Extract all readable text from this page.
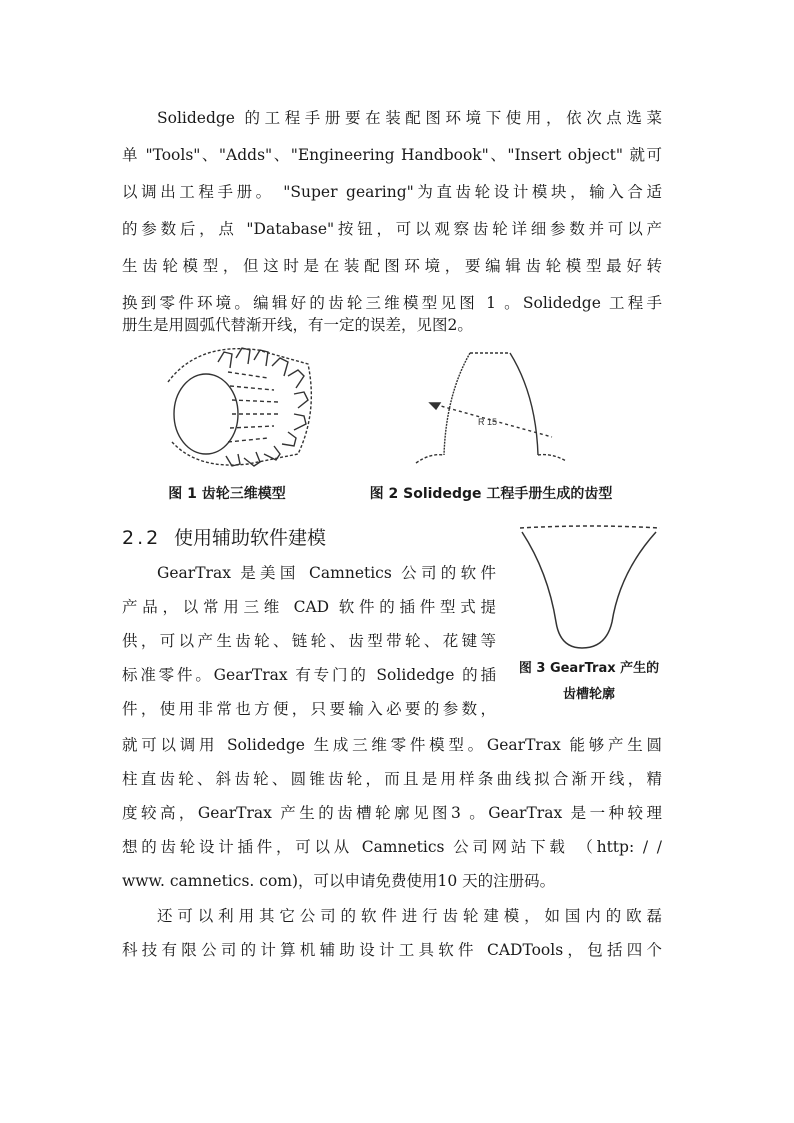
Solidedge 的工程手册要在装配图环境下使用，依次点选菜
单 "Tools"、"Adds"、"Engineering Handbook"、"Insert object" 就可
以调出工程手册。 "Super gearing"为直齿轮设计模块，输入合适
的参数后，点 "Database"按钮，可以观察齿轮详细参数并可以产
生齿轮模型，但这时是在装配图环境，要编辑齿轮模型最好转
换到零件环境。编辑好的齿轮三维模型见图 1 。Solidedge 工程手
册生是用圆弧代替渐开线，有一定的误差，见图2。
R 15
图 1 齿轮三维模型	图 2 Solidedge 工程手册生成的齿型
2.2 使用辅助软件建模
图 3 GearTrax 产生的
齿槽轮廓
GearTrax 是美国 Camnetics 公司的软件
产品，以常用三维 CAD 软件的插件型式提
供，可以产生齿轮、链轮、齿型带轮、花键等
标准零件。GearTrax 有专门的 Solidedge 的插
件，使用非常也方便，只要输入必要的参数，
就可以调用 Solidedge 生成三维零件模型。GearTrax 能够产生圆
柱直齿轮、斜齿轮、圆锥齿轮，而且是用样条曲线拟合渐开线，精
度较高，GearTrax 产生的齿槽轮廓见图3 。GearTrax 是一种较理
想的齿轮设计插件，可以从 Camnetics 公司网站下载 （http: / /
www. camnetics. com)，可以申请免费使用10 天的注册码。
还可以利用其它公司的软件进行齿轮建模，如国内的欧磊
科技有限公司的计算机辅助设计工具软件 CADTools，包括四个
